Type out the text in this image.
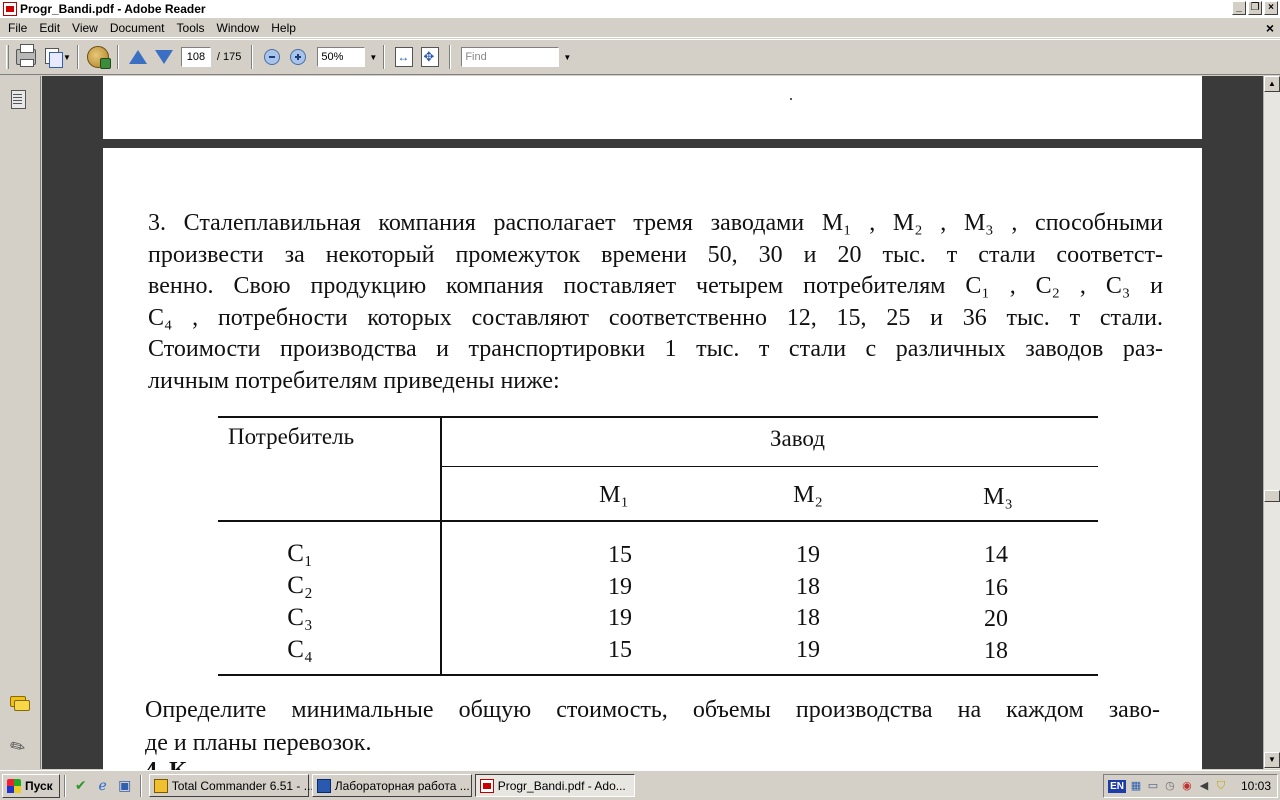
Progr_Bandi.pdf - Adobe Reader	_ ❐ ×
File	Edit	View	Document	Tools	Window	Help	×
▼	108	/ 175	50%	▼ ↔ ✥	Find	▼
✎
3. Сталеплавильная компания располагает тремя заводами M₁ , M₂ , M₃ , способными
произвести за некоторый промежуток времени 50, 30 и 20 тыс. т стали соответст-
венно. Свою продукцию компания поставляет четырем потребителям C₁ , C₂ , C₃ и
C₄ , потребности которых составляют соответственно 12, 15, 25 и 36 тыс. т стали.
Стоимости производства и транспортировки 1 тыс. т стали с различных заводов раз-
личным потребителям приведены ниже:
Потребитель	Завод
M₁	M₂	M₃
C₁	15	19	14
C₂	19	18	16
C₃	19	18	20
C₄	15	19	18
Определите минимальные общую стоимость, объемы производства на каждом заво-
де и планы перевозок.
▲
▼
Пуск ✔ ℯ ▣	Total Commander 6.51 - ... Лабораторная работа ... Progr_Bandi.pdf - Ado...	EN ▦ ▭ ◷ ◉ ◀ ⛉ 10:03
